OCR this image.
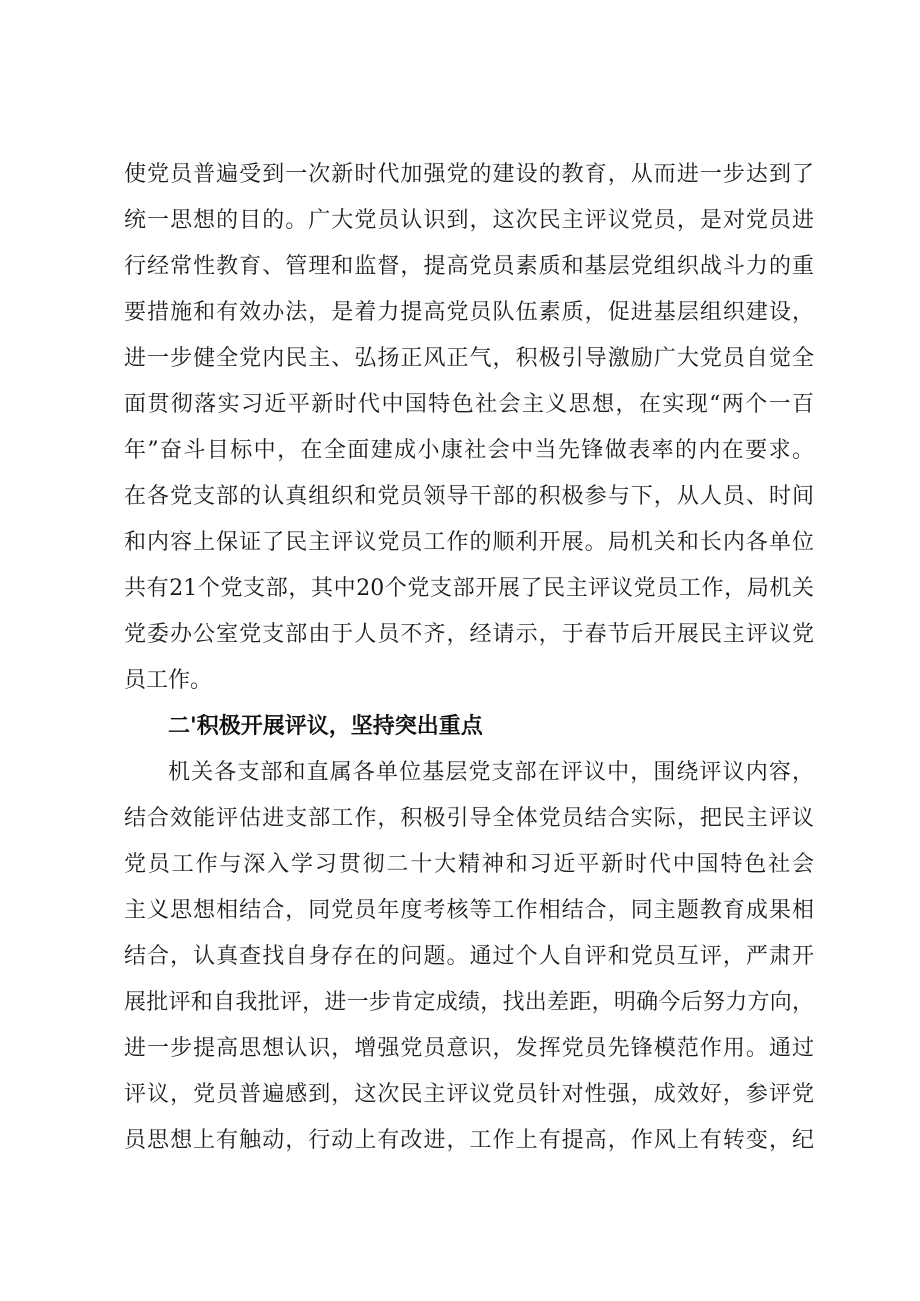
使党员普遍受到一次新时代加强党的建设的教育，从而进一步达到了
统一思想的目的。广大党员认识到，这次民主评议党员，是对党员进
行经常性教育、管理和监督，提高党员素质和基层党组织战斗力的重
要措施和有效办法，是着力提高党员队伍素质，促进基层组织建设，
进一步健全党内民主、弘扬正风正气，积极引导激励广大党员自觉全
面贯彻落实习近平新时代中国特色社会主义思想，在实现“两个一百
年”奋斗目标中，在全面建成小康社会中当先锋做表率的内在要求。
在各党支部的认真组织和党员领导干部的积极参与下，从人员、时间
和内容上保证了民主评议党员工作的顺利开展。局机关和长内各单位
共有21个党支部，其中20个党支部开展了民主评议党员工作，局机关
党委办公室党支部由于人员不齐，经请示，于春节后开展民主评议党
员工作。
二'积极开展评议，坚持突出重点
机关各支部和直属各单位基层党支部在评议中，围绕评议内容，
结合效能评估进支部工作，积极引导全体党员结合实际，把民主评议
党员工作与深入学习贯彻二十大精神和习近平新时代中国特色社会
主义思想相结合，同党员年度考核等工作相结合，同主题教育成果相
结合，认真查找自身存在的问题。通过个人自评和党员互评，严肃开
展批评和自我批评，进一步肯定成绩，找出差距，明确今后努力方向，
进一步提高思想认识，增强党员意识，发挥党员先锋模范作用。通过
评议，党员普遍感到，这次民主评议党员针对性强，成效好，参评党
员思想上有触动，行动上有改进，工作上有提高，作风上有转变，纪
